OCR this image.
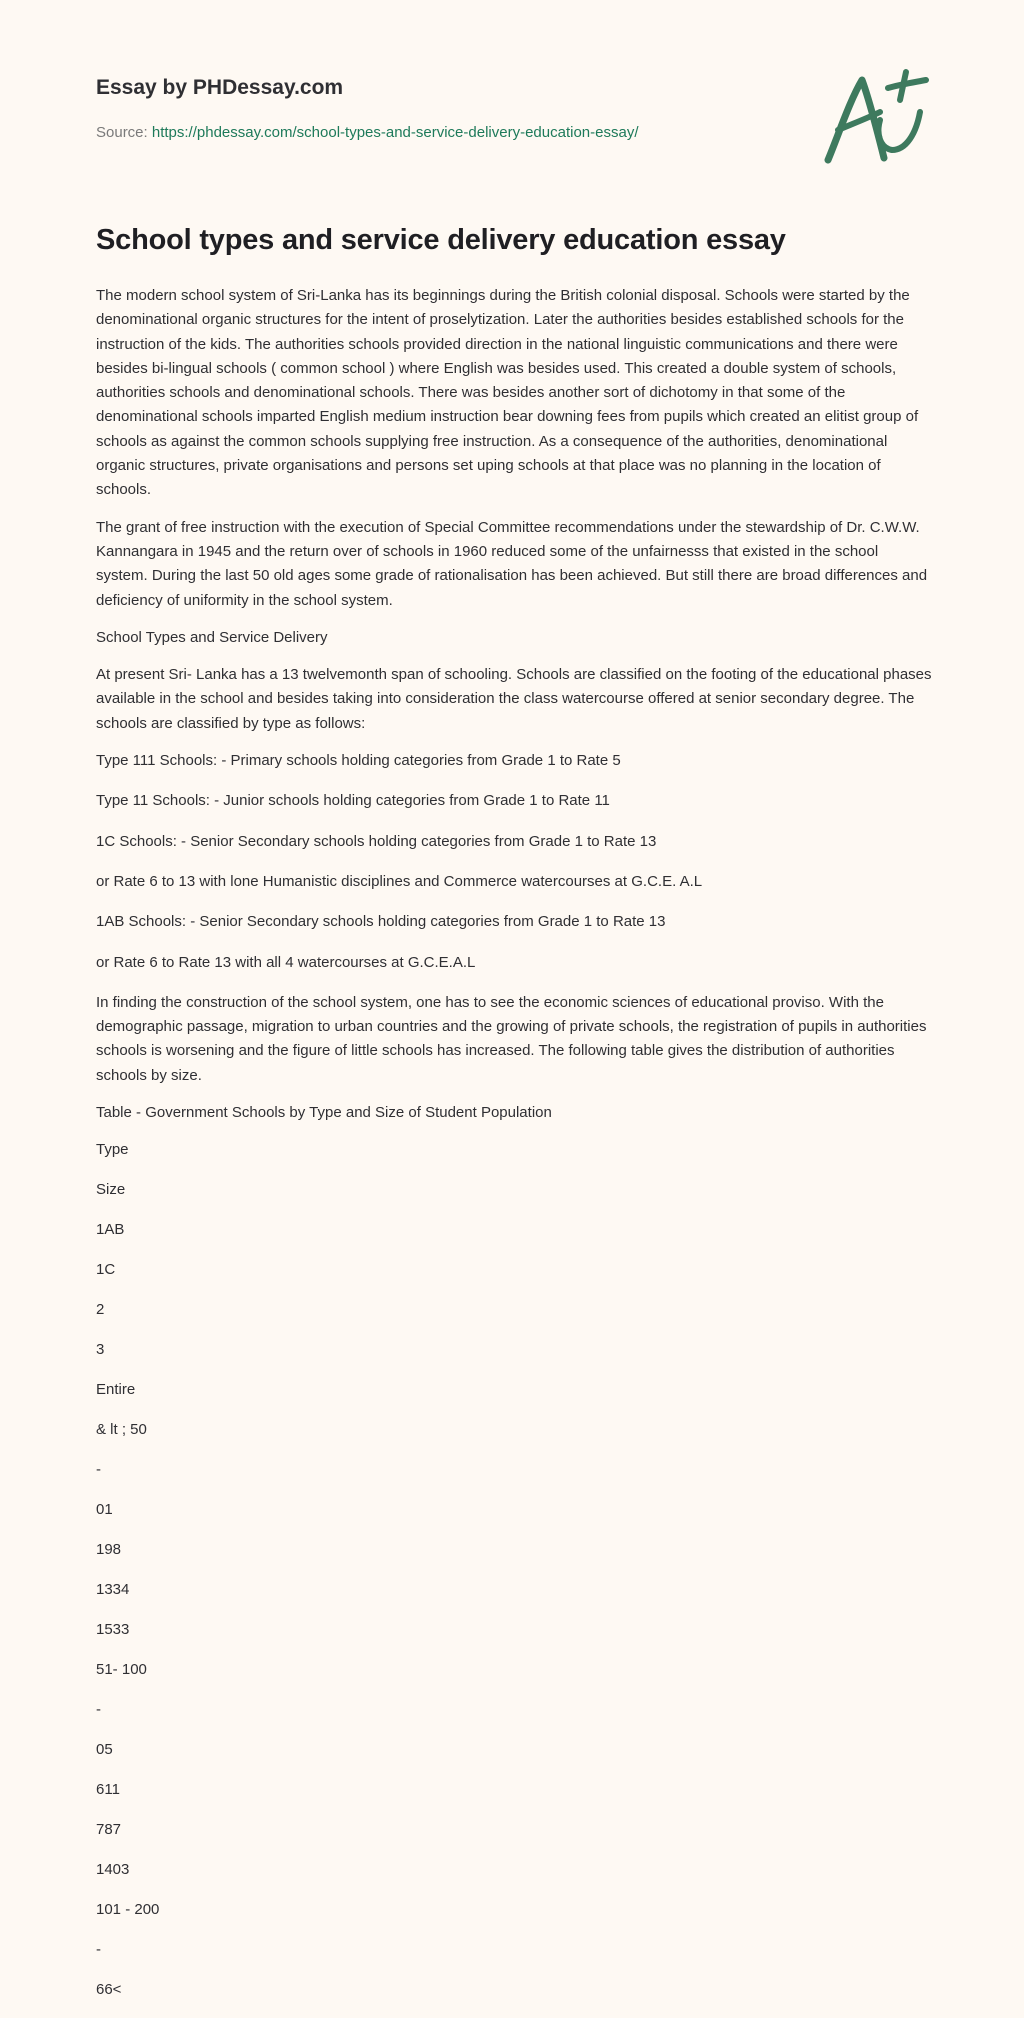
Essay by PHDessay.com
Source: https://phdessay.com/school-types-and-service-delivery-education-essay/
School types and service delivery education essay

The modern school system of Sri-Lanka has its beginnings during the British colonial disposal. Schools were started by the denominational organic structures for the intent of proselytization. Later the authorities besides established schools for the instruction of the kids. The authorities schools provided direction in the national linguistic communications and there were besides bi-lingual schools ( common school ) where English was besides used. This created a double system of schools, authorities schools and denominational schools. There was besides another sort of dichotomy in that some of the denominational schools imparted English medium instruction bear downing fees from pupils which created an elitist group of schools as against the common schools supplying free instruction. As a consequence of the authorities, denominational organic structures, private organisations and persons set uping schools at that place was no planning in the location of schools.

The grant of free instruction with the execution of Special Committee recommendations under the stewardship of Dr. C.W.W. Kannangara in 1945 and the return over of schools in 1960 reduced some of the unfairnesss that existed in the school system. During the last 50 old ages some grade of rationalisation has been achieved. But still there are broad differences and deficiency of uniformity in the school system.

School Types and Service Delivery

At present Sri- Lanka has a 13 twelvemonth span of schooling. Schools are classified on the footing of the educational phases available in the school and besides taking into consideration the class watercourse offered at senior secondary degree. The schools are classified by type as follows:

Type 111 Schools: - Primary schools holding categories from Grade 1 to Rate 5

Type 11 Schools: - Junior schools holding categories from Grade 1 to Rate 11

1C Schools: - Senior Secondary schools holding categories from Grade 1 to Rate 13

or Rate 6 to 13 with lone Humanistic disciplines and Commerce watercourses at G.C.E. A.L

1AB Schools: - Senior Secondary schools holding categories from Grade 1 to Rate 13

or Rate 6 to Rate 13 with all 4 watercourses at G.C.E.A.L

In finding the construction of the school system, one has to see the economic sciences of educational proviso. With the demographic passage, migration to urban countries and the growing of private schools, the registration of pupils in authorities schools is worsening and the figure of little schools has increased. The following table gives the distribution of authorities schools by size.

Table - Government Schools by Type and Size of Student Population

Type
Size
1AB
1C
2
3
Entire
& lt ; 50
-
01
198
1334
1533
51- 100
-
05
611
787
1403
101 - 200
-
66<
